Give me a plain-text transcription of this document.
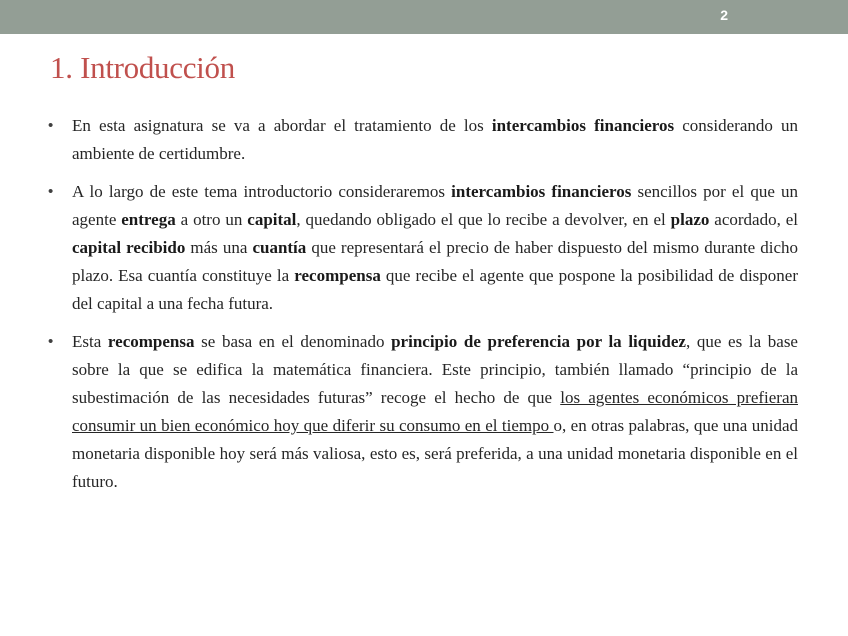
2
1. Introducción
• En esta asignatura se va a abordar el tratamiento de los intercambios financieros considerando un ambiente de certidumbre.
• A lo largo de este tema introductorio consideraremos intercambios financieros sencillos por el que un agente entrega a otro un capital, quedando obligado el que lo recibe a devolver, en el plazo acordado, el capital recibido más una cuantía que representará el precio de haber dispuesto del mismo durante dicho plazo. Esa cuantía constituye la recompensa que recibe el agente que pospone la posibilidad de disponer del capital a una fecha futura.
• Esta recompensa se basa en el denominado principio de preferencia por la liquidez, que es la base sobre la que se edifica la matemática financiera. Este principio, también llamado “principio de la subestimación de las necesidades futuras” recoge el hecho de que los agentes económicos prefieran consumir un bien económico hoy que diferir su consumo en el tiempo o, en otras palabras, que una unidad monetaria disponible hoy será más valiosa, esto es, será preferida, a una unidad monetaria disponible en el futuro.
